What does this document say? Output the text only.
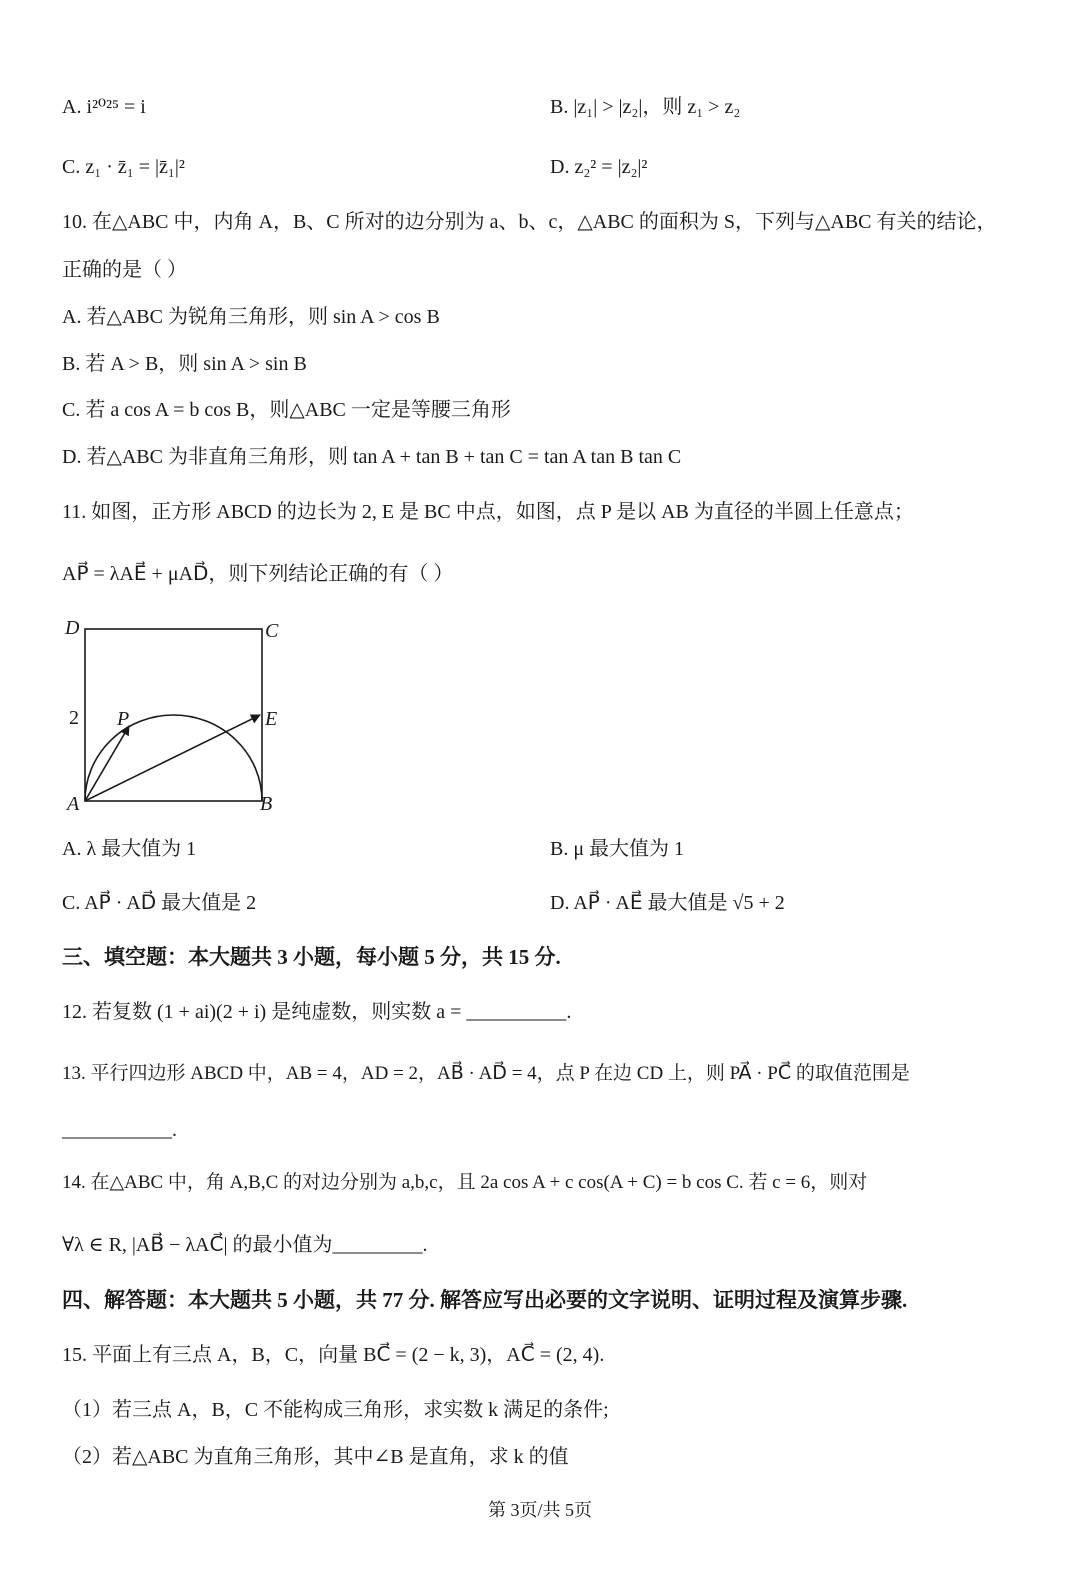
A. i²⁰²⁵ = i	B. |z₁| > |z₂|，则 z₁ > z₂
C. z₁ · z̄₁ = |z̄₁|²	D. z₂² = |z₂|²
10. 在△ABC 中，内角 A，B、C 所对的边分别为 a、b、c，△ABC 的面积为 S，下列与△ABC 有关的结论，
正确的是（ ）
A. 若△ABC 为锐角三角形，则 sin A > cos B
B. 若 A > B，则 sin A > sin B
C. 若 a cos A = b cos B，则△ABC 一定是等腰三角形
D. 若△ABC 为非直角三角形，则 tan A + tan B + tan C = tan A tan B tan C
11. 如图，正方形 ABCD 的边长为 2, E 是 BC 中点，如图，点 P 是以 AB 为直径的半圆上任意点；
AP⃗ = λAE⃗ + μAD⃗，则下列结论正确的有（ ）
D	C
2 P	E
A	B
A. λ 最大值为 1	B. μ 最大值为 1
C. AP⃗ · AD⃗ 最大值是 2	D. AP⃗ · AE⃗ 最大值是 √5 + 2
三、填空题：本大题共 3 小题，每小题 5 分，共 15 分.
12. 若复数 (1 + ai)(2 + i) 是纯虚数，则实数 a = __________.
13. 平行四边形 ABCD 中，AB = 4，AD = 2，AB⃗ · AD⃗ = 4，点 P 在边 CD 上，则 PA⃗ · PC⃗ 的取值范围是
___________.
14. 在△ABC 中，角 A,B,C 的对边分别为 a,b,c，且 2a cos A + c cos(A + C) = b cos C. 若 c = 6，则对
∀λ ∈ R, |AB⃗ − λAC⃗| 的最小值为_________.
四、解答题：本大题共 5 小题，共 77 分. 解答应写出必要的文字说明、证明过程及演算步骤.
15. 平面上有三点 A，B，C，向量 BC⃗ = (2 − k, 3)，AC⃗ = (2, 4).
（1）若三点 A，B，C 不能构成三角形，求实数 k 满足的条件;
（2）若△ABC 为直角三角形，其中∠B 是直角，求 k 的值
第 3页/共 5页
